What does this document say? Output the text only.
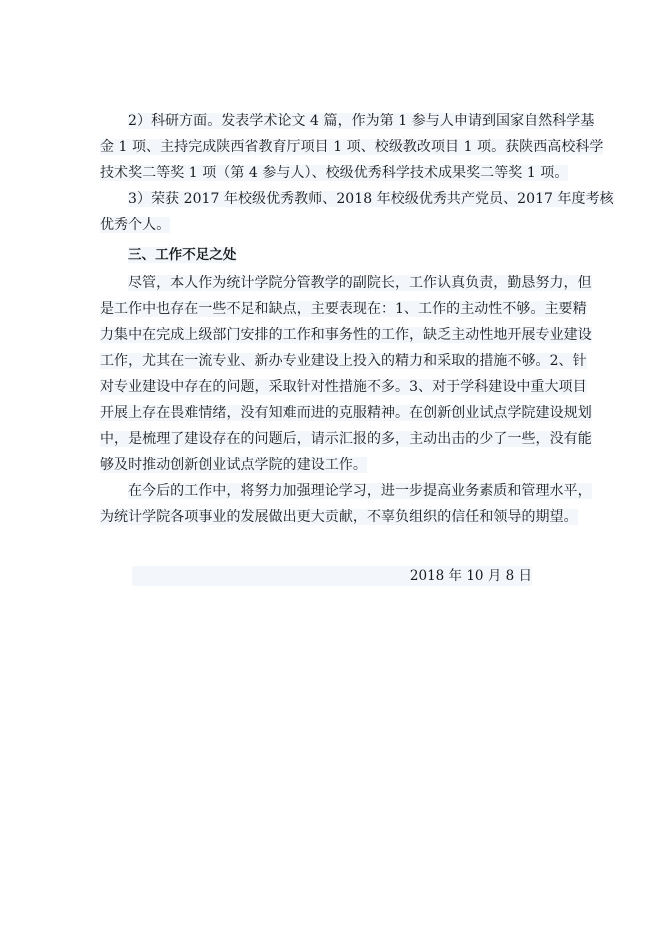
2）科研方面。发表学术论文 4 篇，作为第 1 参与人申请到国家自然科学基
金 1 项、主持完成陕西省教育厅项目 1 项、校级教改项目 1 项。获陕西高校科学
技术奖二等奖 1 项（第 4 参与人）、校级优秀科学技术成果奖二等奖 1 项。
3）荣获 2017 年校级优秀教师、2018 年校级优秀共产党员、2017 年度考核
优秀个人。
三、工作不足之处
尽管，本人作为统计学院分管教学的副院长，工作认真负责，勤恳努力，但
是工作中也存在一些不足和缺点，主要表现在：1、工作的主动性不够。主要精
力集中在完成上级部门安排的工作和事务性的工作，缺乏主动性地开展专业建设
工作，尤其在一流专业、新办专业建设上投入的精力和采取的措施不够。2、针
对专业建设中存在的问题，采取针对性措施不多。3、对于学科建设中重大项目
开展上存在畏难情绪，没有知难而进的克服精神。在创新创业试点学院建设规划
中，是梳理了建设存在的问题后，请示汇报的多，主动出击的少了一些，没有能
够及时推动创新创业试点学院的建设工作。
在今后的工作中，将努力加强理论学习，进一步提高业务素质和管理水平，
为统计学院各项事业的发展做出更大贡献，不辜负组织的信任和领导的期望。
2018 年 10 月 8 日
